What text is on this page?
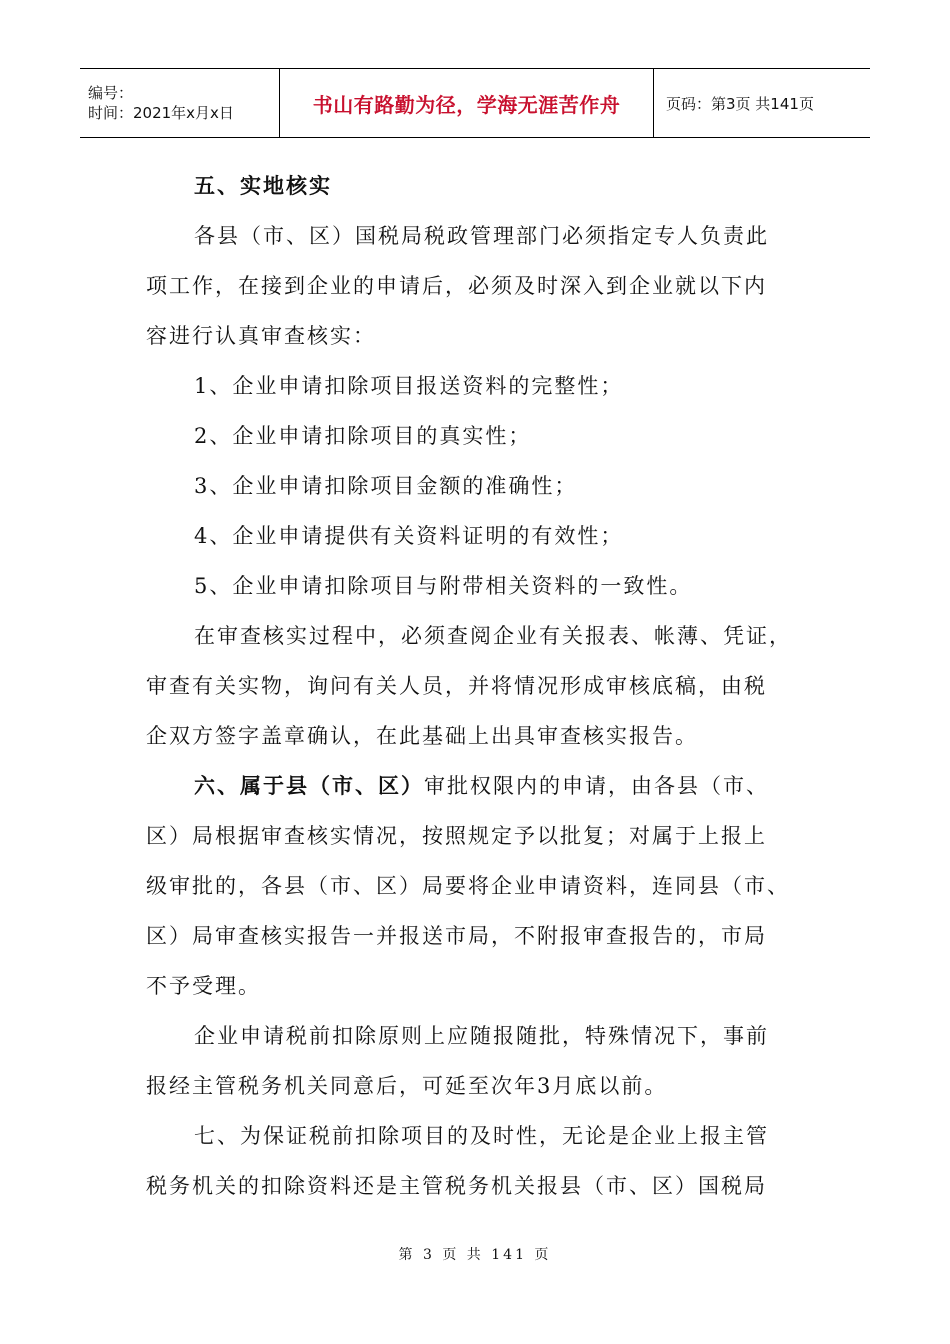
编号：
时间：2021年x月x日	书山有路勤为径，学海无涯苦作舟	页码：第3页 共141页
五、实地核实
各县（市、区）国税局税政管理部门必须指定专人负责此
项工作，在接到企业的申请后，必须及时深入到企业就以下内
容进行认真审查核实：
1、企业申请扣除项目报送资料的完整性；
2、企业申请扣除项目的真实性；
3、企业申请扣除项目金额的准确性；
4、企业申请提供有关资料证明的有效性；
5、企业申请扣除项目与附带相关资料的一致性。
在审查核实过程中，必须查阅企业有关报表、帐薄、凭证，
审查有关实物，询问有关人员，并将情况形成审核底稿，由税
企双方签字盖章确认，在此基础上出具审查核实报告。
六、属于县（市、区）审批权限内的申请，由各县（市、
区）局根据审查核实情况，按照规定予以批复；对属于上报上
级审批的，各县（市、区）局要将企业申请资料，连同县（市、
区）局审查核实报告一并报送市局，不附报审查报告的，市局
不予受理。
企业申请税前扣除原则上应随报随批，特殊情况下，事前
报经主管税务机关同意后，可延至次年3月底以前。
七、为保证税前扣除项目的及时性，无论是企业上报主管
税务机关的扣除资料还是主管税务机关报县（市、区）国税局
第 3 页 共 141 页
